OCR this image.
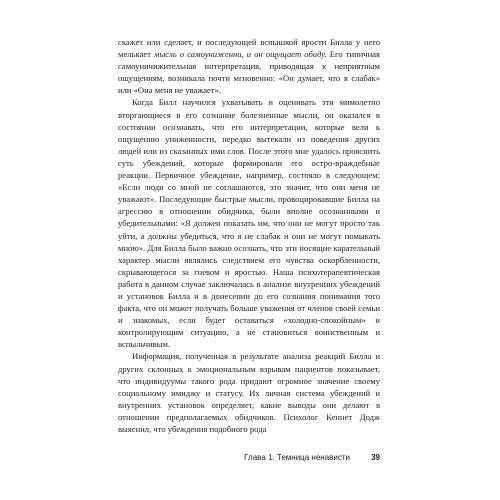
скажет или сделает, и последующей вспышкой ярости Билла у него мелькает мысль о самоуниженни, и он ощущает обиду. Его типичная самоуничижительная интерпретация, приводящая к неприятным ощущениям, возникала почти мгновенно: «Он думает, что я слабак» или «Она меня не уважает».

Когда Билл научился ухватывать и оценивать эти мимолетно вторгающиеся в его сознание болезненные мысли, он оказался в состоянии осознавать, что его интерпретации, которые вели к ощущению униженности, нередко вытекали из поведения других людей или из сказанных ими слов. После этого мне удалось прояснить суть убеждений, которые формировали его остро-враждебные реакции. Первичное убеждение, например, состояло в следующем: «Если люди со мной не соглашаются, это значит, что они меня не уважают». Последующие быстрые мысли, провоцировавшие Билла на агрессию в отношении обидчика, были вполне осознанными и убедительными: «Я должен показать им, что они не могут просто так уйти, а должны убедиться, что я не слабак и они не могут помыкать мною». Для Билла было важно осознать, что эти носящие карательный характер мысли являлись следствием его чувства оскорбленности, скрывающегося за гневом и яростью. Наша психотерапевтическая работа в данном случае заключалась в анализе внутренних убеждений и установок Билла и в донесении до его сознания понимания того факта, что он может получать больше уважения от членов своей семьи и знакомых, если будет оставаться «холодно-спокойным» и контролирующим ситуацию, а не становиться воинственным и вспыльчивым.

Информация, полученная в результате анализа реакций Билла и других склонных к эмоциональным взрывам пациентов показывает, что индивидуумы такого рода придают огромное значение своему социальному имиджу и статусу. Их личная система убеждений и внутренних установок определяет, какие выводы они делают в отношении предполагаемых обидчиков. Психолог Кеннет Додж выяснил, что убеждения подобного рода

Глава 1. Темница ненависти	39
